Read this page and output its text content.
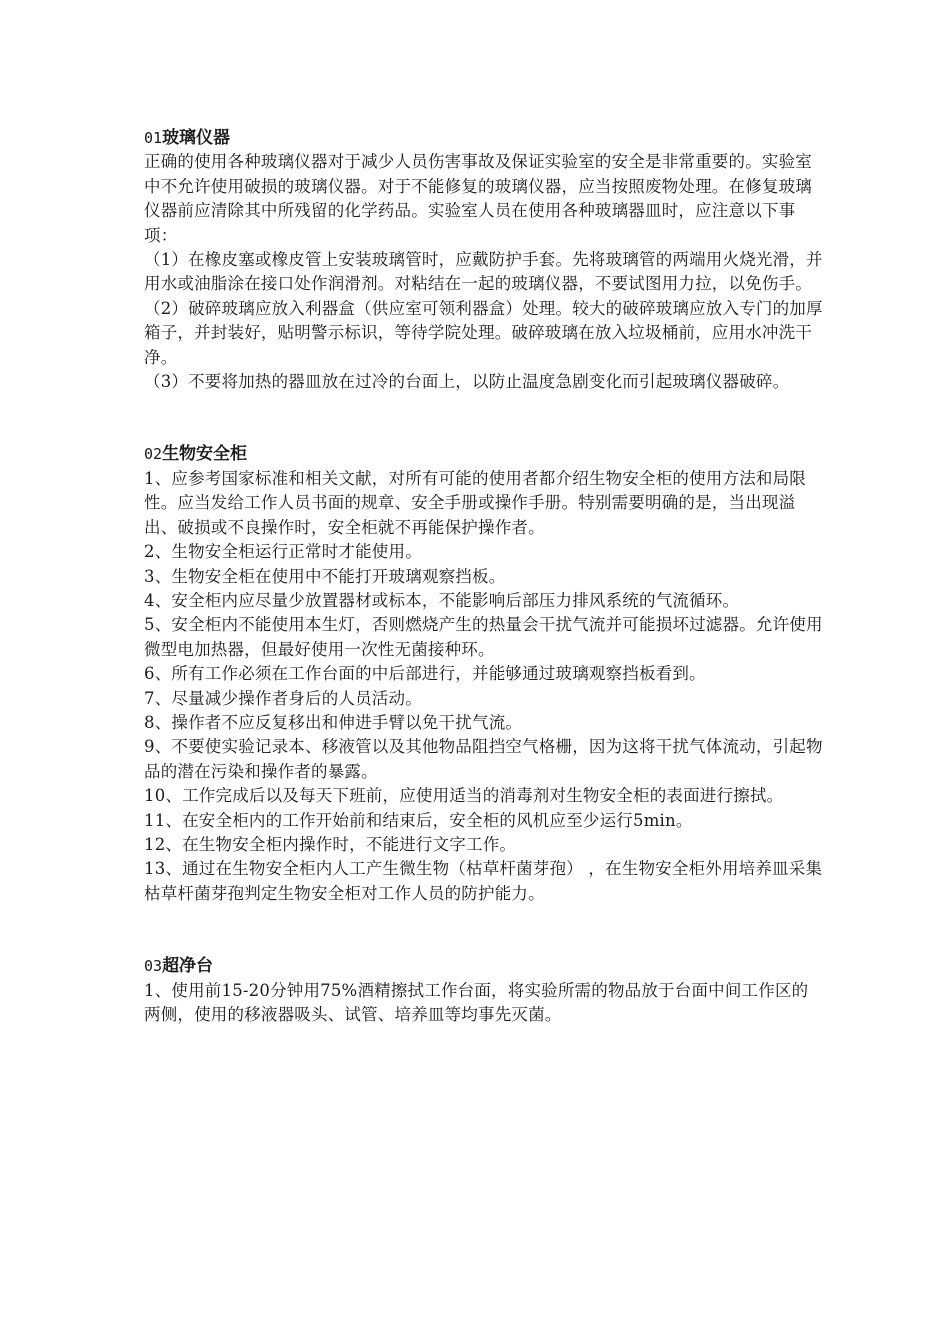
01玻璃仪器

正确的使用各种玻璃仪器对于减少人员伤害事故及保证实验室的安全是非常重要的。实验室中不允许使用破损的玻璃仪器。对于不能修复的玻璃仪器，应当按照废物处理。在修复玻璃仪器前应清除其中所残留的化学药品。实验室人员在使用各种玻璃器皿时，应注意以下事项：

（1）在橡皮塞或橡皮管上安装玻璃管时，应戴防护手套。先将玻璃管的两端用火烧光滑，并用水或油脂涂在接口处作润滑剂。对粘结在一起的玻璃仪器，不要试图用力拉，以免伤手。

（2）破碎玻璃应放入利器盒（供应室可领利器盒）处理。较大的破碎玻璃应放入专门的加厚箱子，并封装好，贴明警示标识，等待学院处理。破碎玻璃在放入垃圾桶前，应用水冲洗干净。

（3）不要将加热的器皿放在过冷的台面上，以防止温度急剧变化而引起玻璃仪器破碎。

02生物安全柜

1、应参考国家标准和相关文献，对所有可能的使用者都介绍生物安全柜的使用方法和局限性。应当发给工作人员书面的规章、安全手册或操作手册。特别需要明确的是，当出现溢出、破损或不良操作时，安全柜就不再能保护操作者。

2、生物安全柜运行正常时才能使用。

3、生物安全柜在使用中不能打开玻璃观察挡板。

4、安全柜内应尽量少放置器材或标本，不能影响后部压力排风系统的气流循环。

5、安全柜内不能使用本生灯，否则燃烧产生的热量会干扰气流并可能损坏过滤器。允许使用微型电加热器，但最好使用一次性无菌接种环。

6、所有工作必须在工作台面的中后部进行，并能够通过玻璃观察挡板看到。

7、尽量减少操作者身后的人员活动。

8、操作者不应反复移出和伸进手臂以免干扰气流。

9、不要使实验记录本、移液管以及其他物品阻挡空气格栅，因为这将干扰气体流动，引起物品的潜在污染和操作者的暴露。

10、工作完成后以及每天下班前，应使用适当的消毒剂对生物安全柜的表面进行擦拭。

11、在安全柜内的工作开始前和结束后，安全柜的风机应至少运行5min。

12、在生物安全柜内操作时，不能进行文字工作。

13、通过在生物安全柜内人工产生微生物（枯草杆菌芽孢） ，在生物安全柜外用培养皿采集枯草杆菌芽孢判定生物安全柜对工作人员的防护能力。

03超净台

1、使用前15-20分钟用75%酒精擦拭工作台面，将实验所需的物品放于台面中间工作区的两侧，使用的移液器吸头、试管、培养皿等均事先灭菌。
